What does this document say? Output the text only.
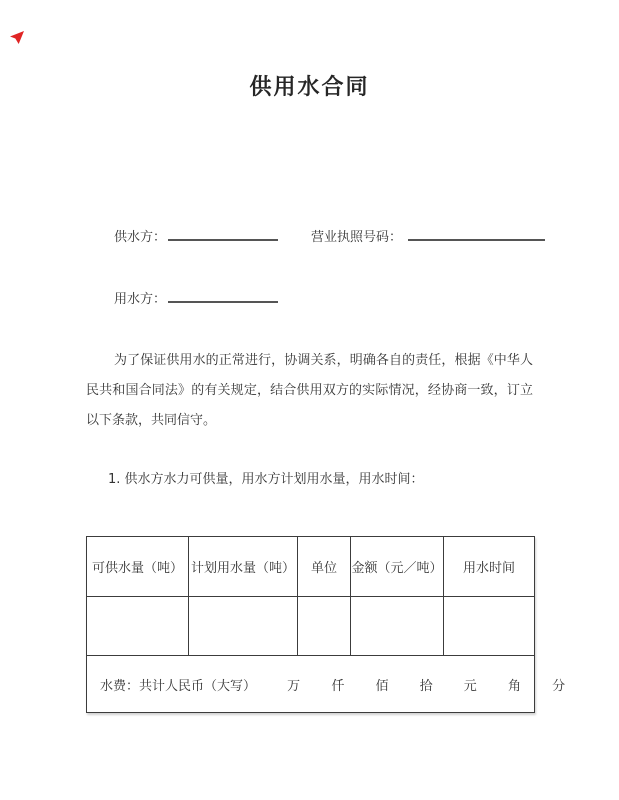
供用水合同
供水方：	营业执照号码：
用水方：

为了保证供用水的正常进行，协调关系，明确各自的责任，根据《中华人民共和国合同法》的有关规定，结合供用双方的实际情况，经协商一致，订立以下条款，共同信守。

1. 供水方水力可供量，用水方计划用水量，用水时间：

可供水量（吨）	计划用水量（吨）	单位	金额（元／吨）	用水时间

水费：共计人民币（大写） 万 仟 佰 拾 元 角 分				
